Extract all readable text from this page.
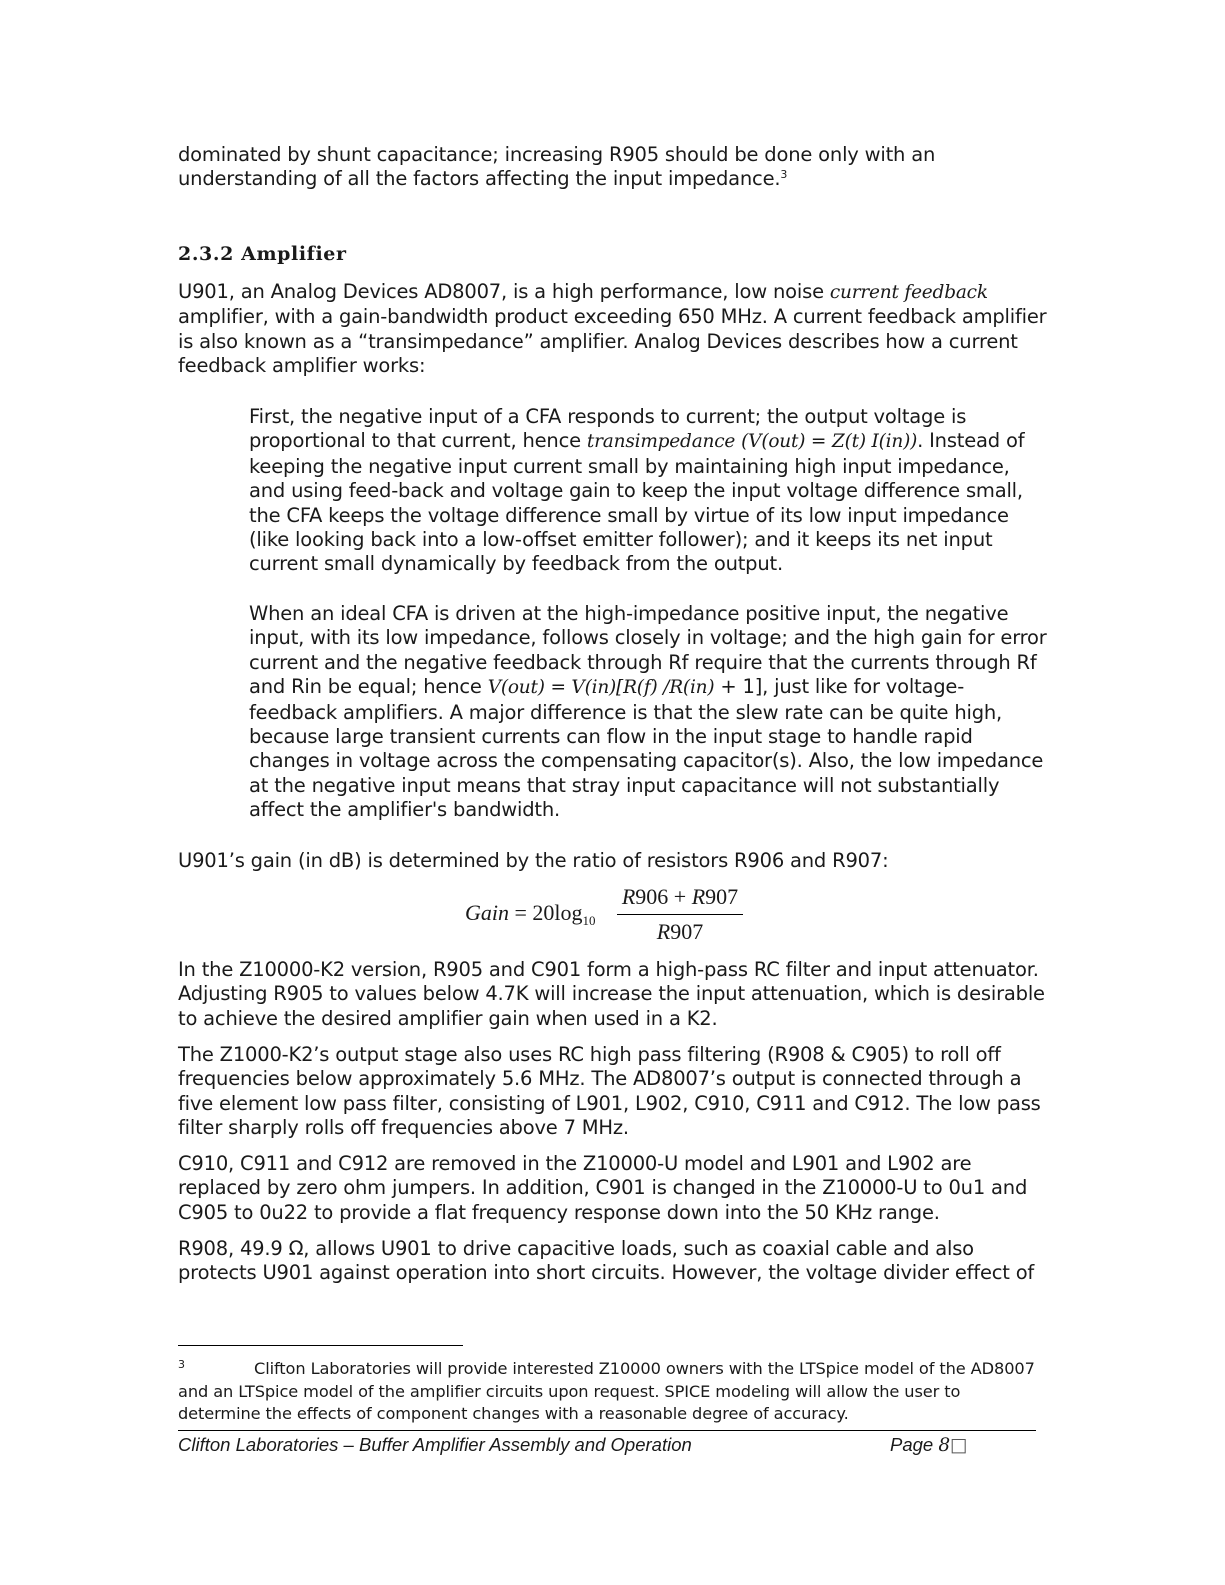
dominated by shunt capacitance; increasing R905 should be done only with an understanding of all the factors affecting the input impedance.$^3$

2.3.2 Amplifier

U901, an Analog Devices AD8007, is a high performance, low noise current feedback amplifier, with a gain-bandwidth product exceeding 650 MHz. A current feedback amplifier is also known as a “transimpedance” amplifier. Analog Devices describes how a current feedback amplifier works:

First, the negative input of a CFA responds to current; the output voltage is proportional to that current, hence transimpedance (V(out) = Z(t) I(in)). Instead of keeping the negative input current small by maintaining high input impedance, and using feed-back and voltage gain to keep the input voltage difference small, the CFA keeps the voltage difference small by virtue of its low input impedance (like looking back into a low-offset emitter follower); and it keeps its net input current small dynamically by feedback from the output.

When an ideal CFA is driven at the high-impedance positive input, the negative input, with its low impedance, follows closely in voltage; and the high gain for error current and the negative feedback through Rf require that the currents through Rf and Rin be equal; hence V(out) = V(in)[R(f) /R(in) + 1], just like for voltage-feedback amplifiers. A major difference is that the slew rate can be quite high, because large transient currents can flow in the input stage to handle rapid changes in voltage across the compensating capacitor(s). Also, the low impedance at the negative input means that stray input capacitance will not substantially affect the amplifier's bandwidth.

U901’s gain (in dB) is determined by the ratio of resistors R906 and R907:

Gain = $20\log_{10}$
R906 + R907
R907

In the Z10000-K2 version, R905 and C901 form a high-pass RC filter and input attenuator. Adjusting R905 to values below 4.7K will increase the input attenuation, which is desirable to achieve the desired amplifier gain when used in a K2.

The Z1000-K2’s output stage also uses RC high pass filtering (R908 & C905) to roll off frequencies below approximately 5.6 MHz. The AD8007’s output is connected through a five element low pass filter, consisting of L901, L902, C910, C911 and C912. The low pass filter sharply rolls off frequencies above 7 MHz.

C910, C911 and C912 are removed in the Z10000-U model and L901 and L902 are replaced by zero ohm jumpers. In addition, C901 is changed in the Z10000-U to 0u1 and C905 to 0u22 to provide a flat frequency response down into the 50 KHz range.

R908, 49.9 Ω, allows U901 to drive capacitive loads, such as coaxial cable and also protects U901 against operation into short circuits. However, the voltage divider effect of

3	Clifton Laboratories will provide interested Z10000 owners with the LTSpice model of the AD8007 and an LTSpice model of the amplifier circuits upon request. SPICE modeling will allow the user to determine the effects of component changes with a reasonable degree of accuracy.

Clifton Laboratories – Buffer Amplifier Assembly and Operation	Page 8□
